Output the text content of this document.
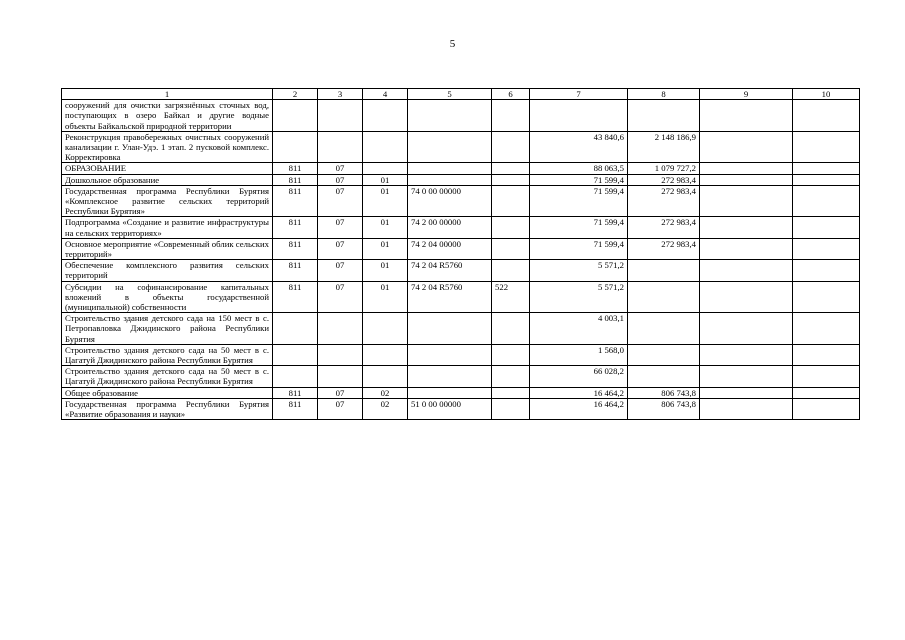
5
1	2	3	4	5	6	7	8	9	10
сооружений для очистки загрязнённых сточных вод, поступающих в озеро Байкал и другие водные объекты Байкальской природной территории									
Реконструкция правобережных очистных сооружений канализации г. Улан-Удэ. 1 этап. 2 пусковой комплекс. Корректировка						43 840,6	2 148 186,9		
ОБРАЗОВАНИЕ	811	07				88 063,5	1 079 727,2		
Дошкольное образование	811	07	01			71 599,4	272 983,4		
Государственная программа Республики Бурятия «Комплексное развитие сельских территорий Республики Бурятия»	811	07	01	74 0 00 00000		71 599,4	272 983,4		
Подпрограмма «Создание и развитие инфраструктуры на сельских территориях»	811	07	01	74 2 00 00000		71 599,4	272 983,4		
Основное мероприятие «Современный облик сельских территорий»	811	07	01	74 2 04 00000		71 599,4	272 983,4		
Обеспечение комплексного развития сельских территорий	811	07	01	74 2 04 R5760		5 571,2			
Субсидии на софинансирование капитальных вложений в объекты государственной (муниципальной) собственности	811	07	01	74 2 04 R5760	522	5 571,2			
Строительство здания детского сада на 150 мест в с. Петропавловка Джидинского района Республики Бурятия						4 003,1			
Строительство здания детского сада на 50 мест в с. Цагатуй Джидинского района Республики Бурятия						1 568,0			
Строительство здания детского сада на 50 мест в с. Цагатуй Джидинского района Республики Бурятия						66 028,2			
Общее образование	811	07	02			16 464,2	806 743,8		
Государственная программа Республики Бурятия «Развитие образования и науки»	811	07	02	51 0 00 00000		16 464,2	806 743,8		
